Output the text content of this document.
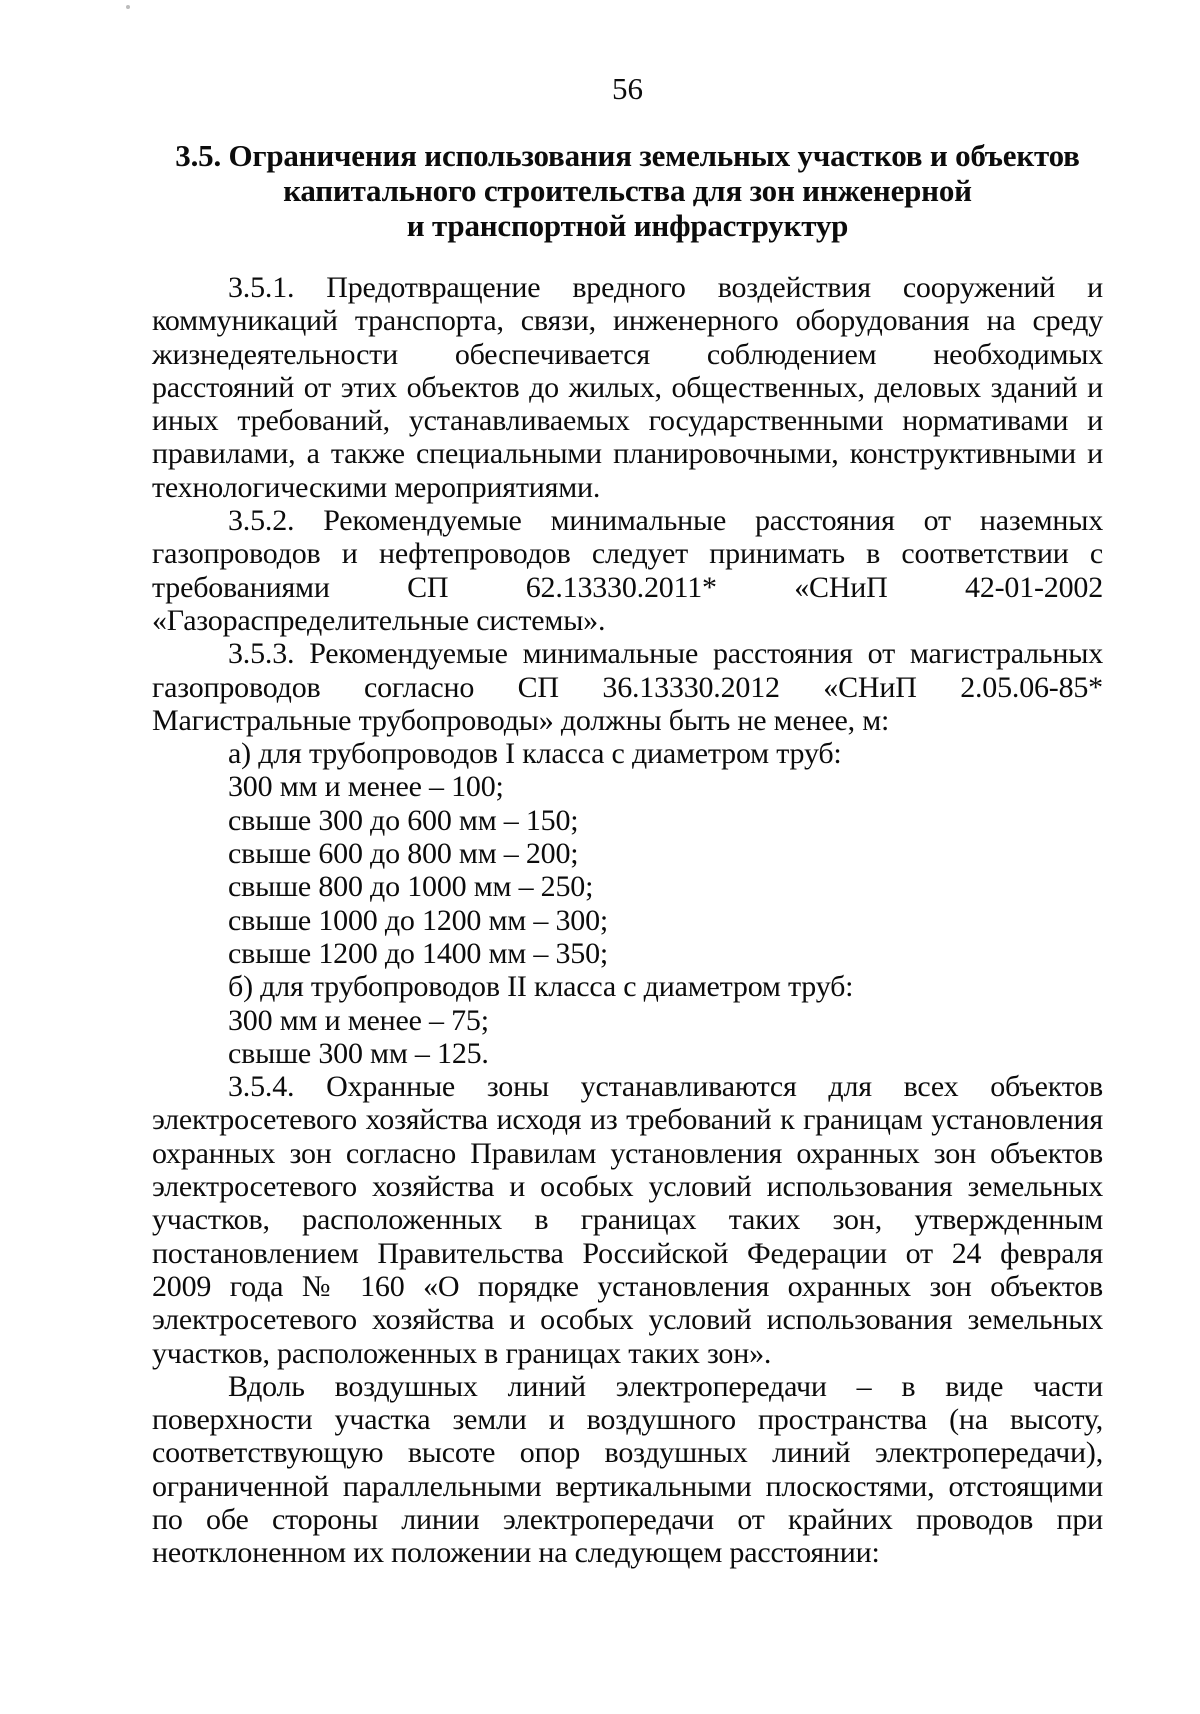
56
3.5. Ограничения использования земельных участков и объектов
капитального строительства для зон инженерной
и транспортной инфраструктур
3.5.1. Предотвращение вредного воздействия сооружений и
коммуникаций транспорта, связи, инженерного оборудования на среду
жизнедеятельности обеспечивается соблюдением необходимых
расстояний от этих объектов до жилых, общественных, деловых зданий и
иных требований, устанавливаемых государственными нормативами и
правилами, а также специальными планировочными, конструктивными и
технологическими мероприятиями.
3.5.2. Рекомендуемые минимальные расстояния от наземных
газопроводов и нефтепроводов следует принимать в соответствии с
требованиями СП 62.13330.2011* «СНиП 42-01-2002
«Газораспределительные системы».
3.5.3. Рекомендуемые минимальные расстояния от магистральных
газопроводов согласно СП 36.13330.2012 «СНиП 2.05.06-85*
Магистральные трубопроводы» должны быть не менее, м:
а) для трубопроводов I класса с диаметром труб:
300 мм и менее – 100;
свыше 300 до 600 мм – 150;
свыше 600 до 800 мм – 200;
свыше 800 до 1000 мм – 250;
свыше 1000 до 1200 мм – 300;
свыше 1200 до 1400 мм – 350;
б) для трубопроводов II класса с диаметром труб:
300 мм и менее – 75;
свыше 300 мм – 125.
3.5.4. Охранные зоны устанавливаются для всех объектов
электросетевого хозяйства исходя из требований к границам установления
охранных зон согласно Правилам установления охранных зон объектов
электросетевого хозяйства и особых условий использования земельных
участков, расположенных в границах таких зон, утвержденным
постановлением Правительства Российской Федерации от 24 февраля
2009 года № 160 «О порядке установления охранных зон объектов
электросетевого хозяйства и особых условий использования земельных
участков, расположенных в границах таких зон».
Вдоль воздушных линий электропередачи – в виде части
поверхности участка земли и воздушного пространства (на высоту,
соответствующую высоте опор воздушных линий электропередачи),
ограниченной параллельными вертикальными плоскостями, отстоящими
по обе стороны линии электропередачи от крайних проводов при
неотклоненном их положении на следующем расстоянии:
